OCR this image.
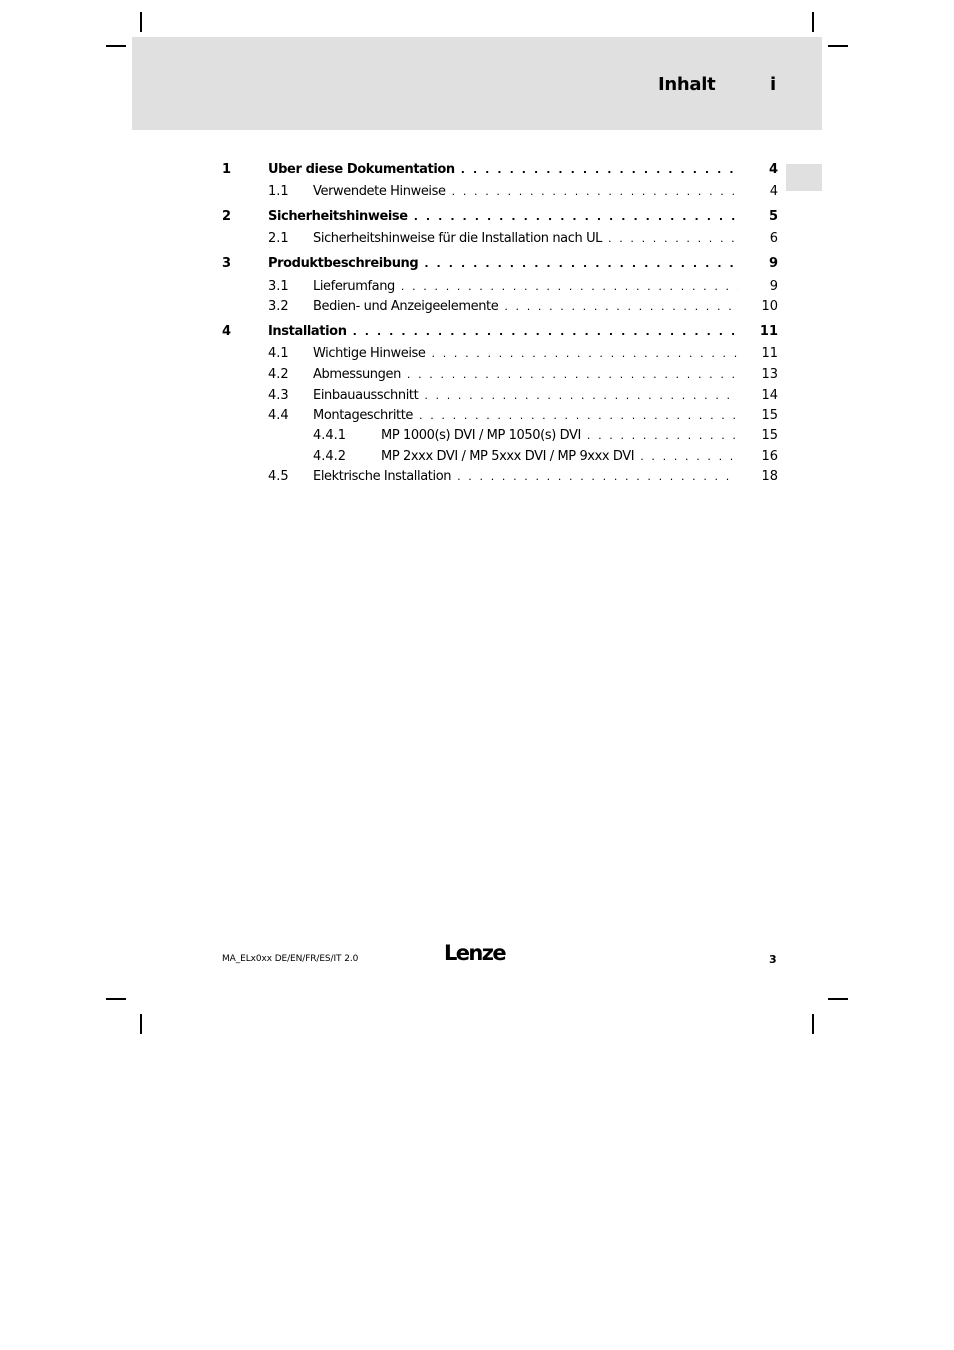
Inhalt	i
1	Über diese Dokumentation . . .	4
1.1 Verwendete Hinweise . . .	4
2	Sicherheitshinweise . . .	5
2.1 Sicherheitshinweise für die Installation nach UL . . .	6
3	Produktbeschreibung . . .	9
3.1 Lieferumfang . . .	9
3.2 Bedien- und Anzeigeelemente . . .	10
4	Installation . . .	11
4.1 Wichtige Hinweise . . .	11
4.2 Abmessungen . . .	13
4.3 Einbauausschnitt . . .	14
4.4 Montageschritte . . .	15
4.4.1	MP 1000(s) DVI / MP 1050(s) DVI . . .	15
4.4.2	MP 2xxx DVI / MP 5xxx DVI / MP 9xxx DVI . . .	16
4.5 Elektrische Installation . . .	18
MA_ELx0xx DE/EN/FR/ES/IT 2.0	Lenze	3
